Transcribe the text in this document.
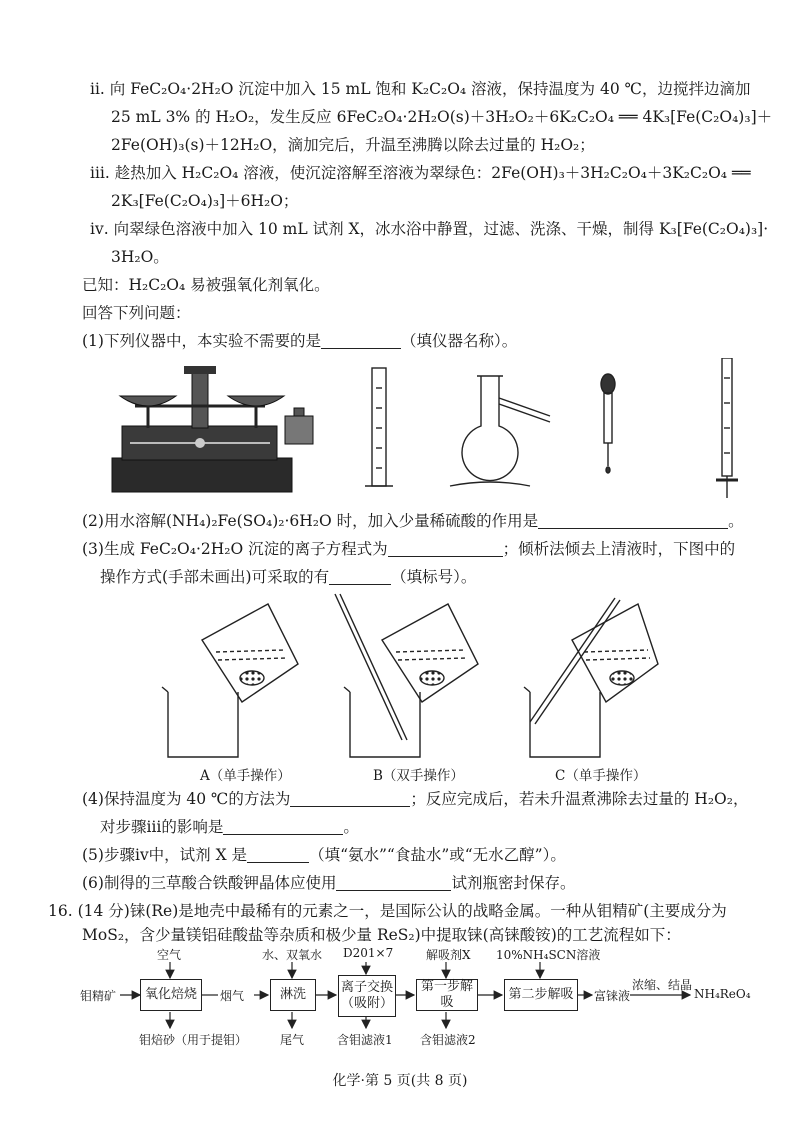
ⅱ. 向 FeC₂O₄·2H₂O 沉淀中加入 15 mL 饱和 K₂C₂O₄ 溶液，保持温度为 40 ℃，边搅拌边滴加
25 mL 3% 的 H₂O₂，发生反应 6FeC₂O₄·2H₂O(s)＋3H₂O₂＋6K₂C₂O₄ ══ 4K₃[Fe(C₂O₄)₃]＋
2Fe(OH)₃(s)＋12H₂O，滴加完后，升温至沸腾以除去过量的 H₂O₂；
ⅲ. 趁热加入 H₂C₂O₄ 溶液，使沉淀溶解至溶液为翠绿色：2Fe(OH)₃＋3H₂C₂O₄＋3K₂C₂O₄ ══
2K₃[Fe(C₂O₄)₃]＋6H₂O；
ⅳ. 向翠绿色溶液中加入 10 mL 试剂 X，冰水浴中静置，过滤、洗涤、干燥，制得 K₃[Fe(C₂O₄)₃]·
3H₂O。
已知：H₂C₂O₄ 易被强氧化剂氧化。
回答下列问题：
(1)下列仪器中，本实验不需要的是	（填仪器名称）。
(2)用水溶解(NH₄)₂Fe(SO₄)₂·6H₂O 时，加入少量稀硫酸的作用是	。
(3)生成 FeC₂O₄·2H₂O 沉淀的离子方程式为	；倾析法倾去上清液时，下图中的
操作方式(手部未画出)可采取的有	（填标号）。
A（单手操作）	B（双手操作）	C（单手操作）
(4)保持温度为 40 ℃的方法为	；反应完成后，若未升温煮沸除去过量的 H₂O₂，
对步骤ⅲ的影响是	。
(5)步骤ⅳ中，试剂 X 是	（填“氨水”“食盐水”或“无水乙醇”）。
(6)制得的三草酸合铁酸钾晶体应使用	试剂瓶密封保存。
16. (14 分)铼(Re)是地壳中最稀有的元素之一，是国际公认的战略金属。一种从钼精矿(主要成分为
MoS₂，含少量镁铝硅酸盐等杂质和极少量 ReS₂)中提取铼(高铼酸铵)的工艺流程如下：
钼精矿
空气
氧化焙烧
钼焙砂（用于提钼）
烟气
水、双氧水
淋洗
尾气
D201×7
离子交换
（吸附）
含钼滤液1
解吸剂X
第一步解吸
含钼滤液2
10%NH₄SCN溶液
第二步解吸	富铼液
浓缩、结晶
NH₄ReO₄
化学·第 5 页(共 8 页)
